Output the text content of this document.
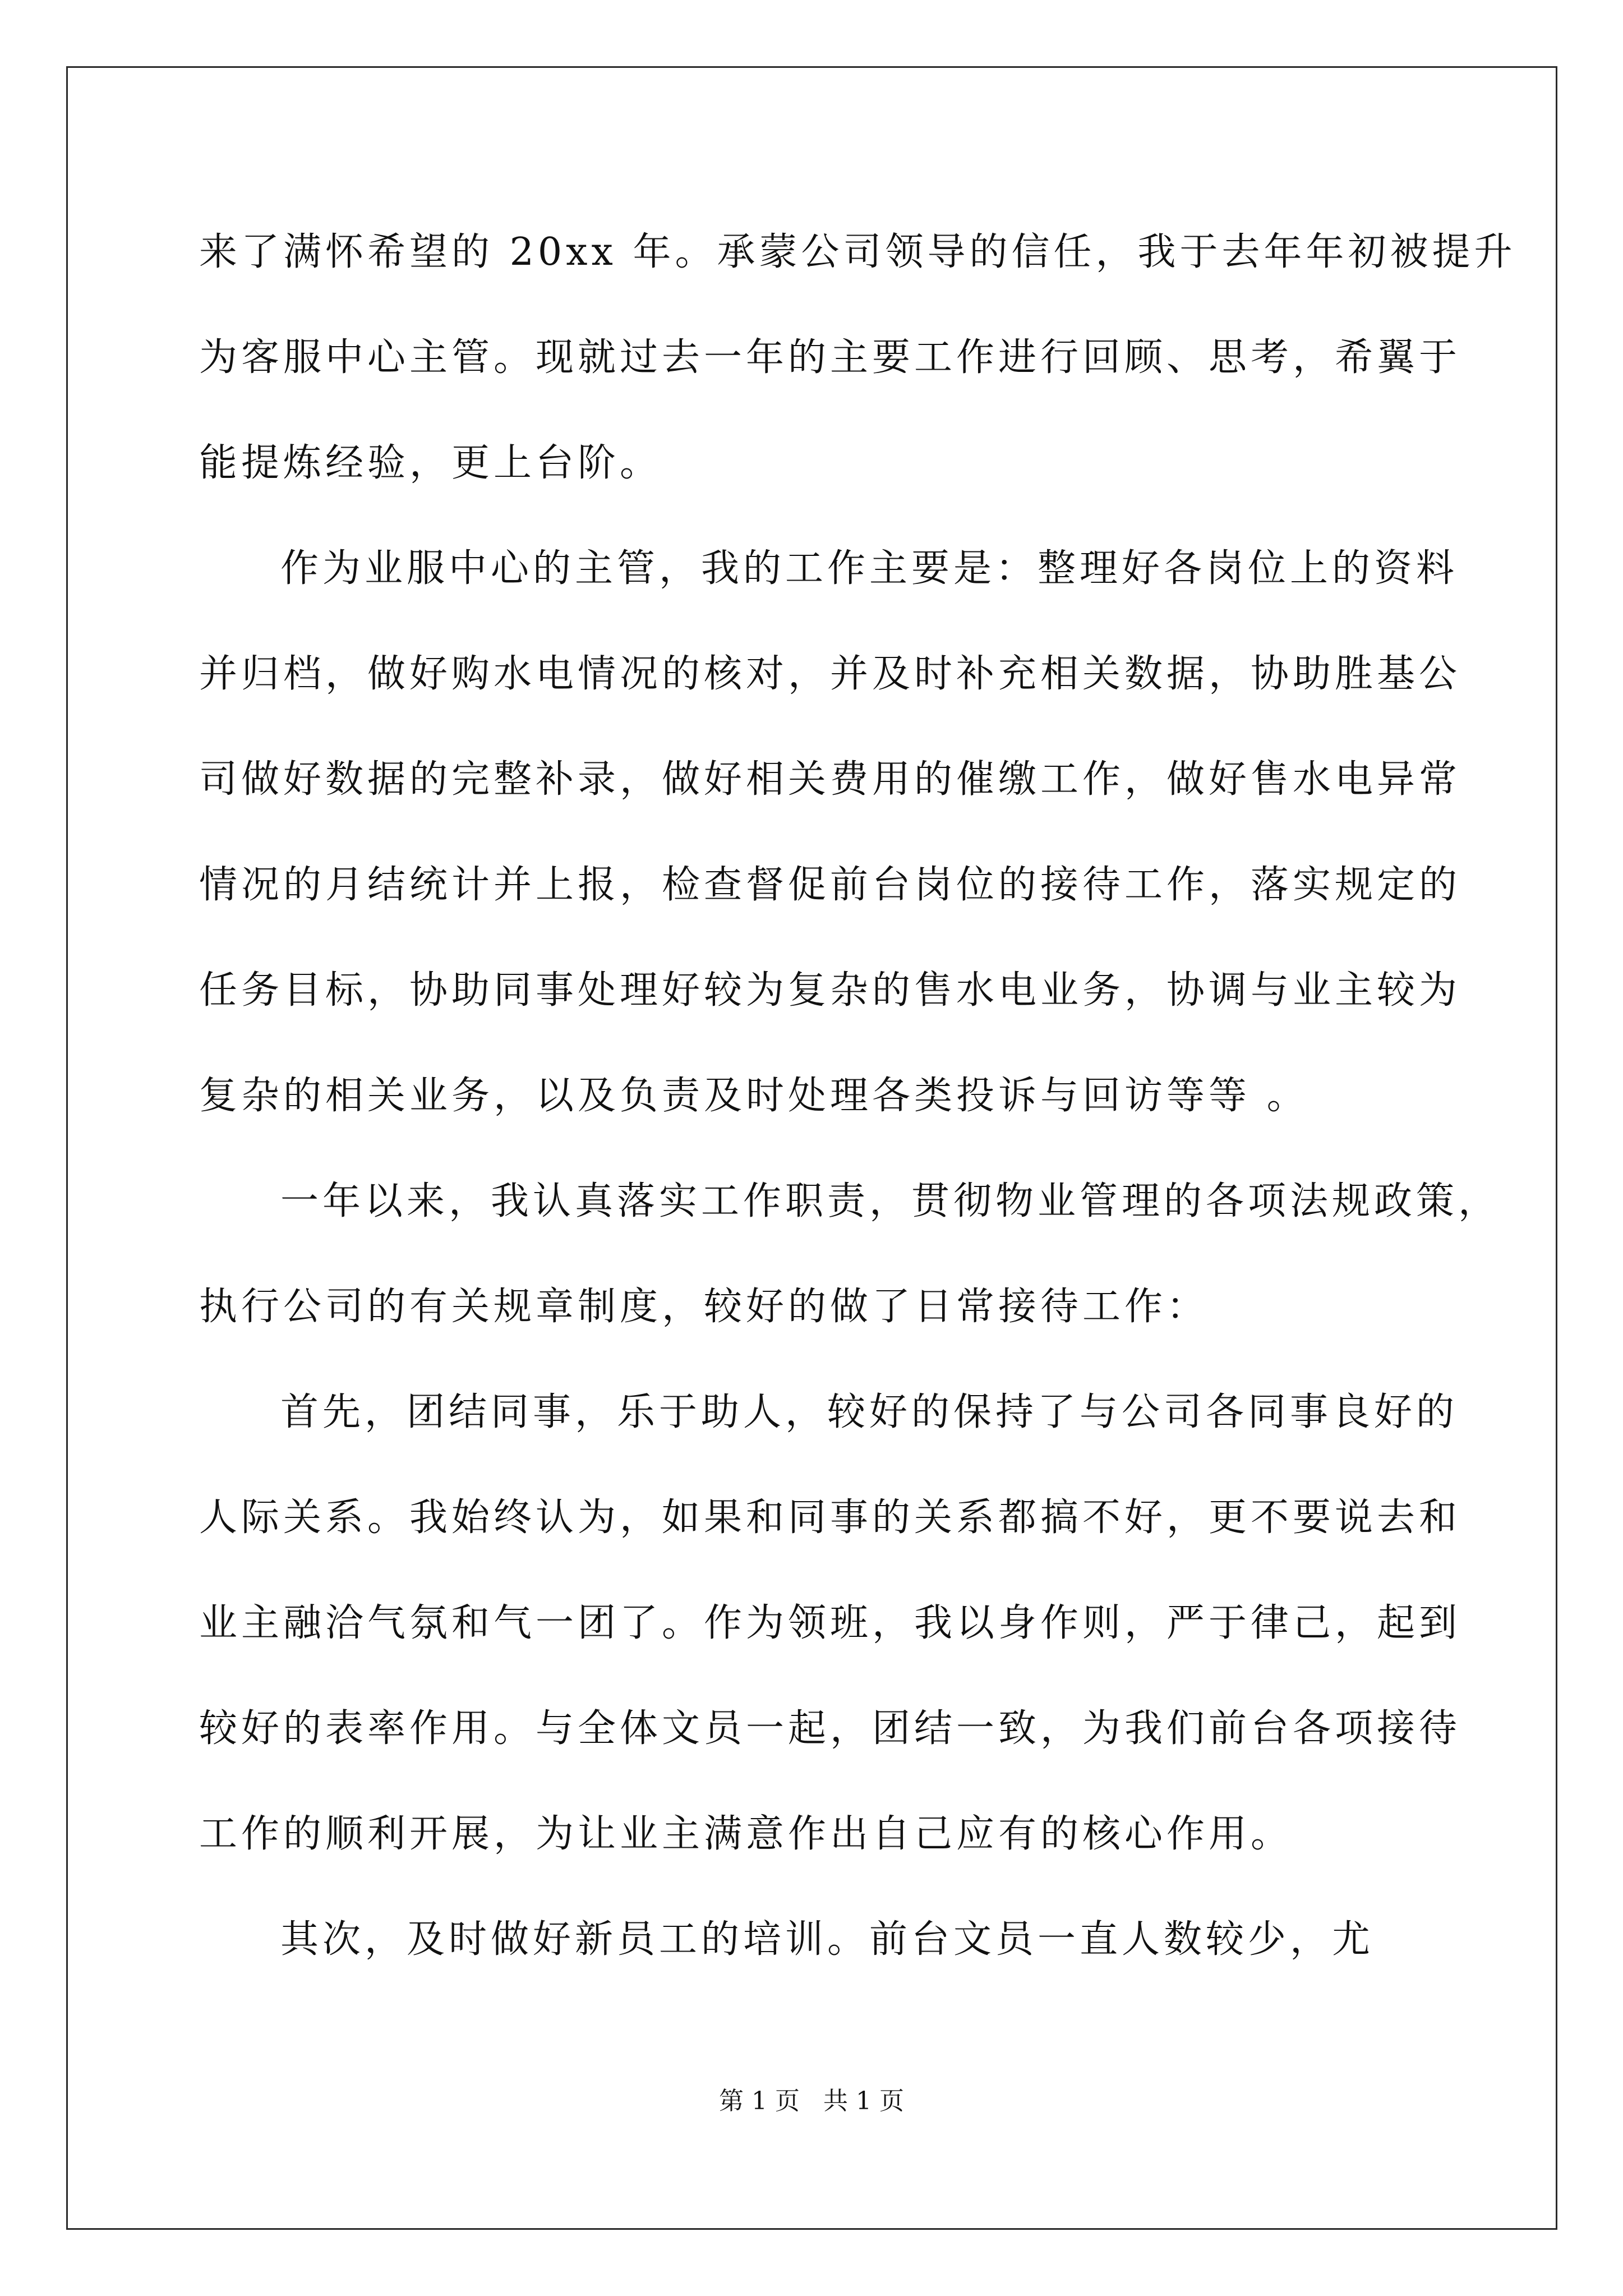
来了满怀希望的 20xx 年。承蒙公司领导的信任，我于去年年初被提升
为客服中心主管。现就过去一年的主要工作进行回顾、思考，希翼于
能提炼经验，更上台阶。
作为业服中心的主管，我的工作主要是：整理好各岗位上的资料
并归档，做好购水电情况的核对，并及时补充相关数据，协助胜基公
司做好数据的完整补录，做好相关费用的催缴工作，做好售水电异常
情况的月结统计并上报，检查督促前台岗位的接待工作，落实规定的
任务目标，协助同事处理好较为复杂的售水电业务，协调与业主较为
复杂的相关业务，以及负责及时处理各类投诉与回访等等 。
一年以来，我认真落实工作职责，贯彻物业管理的各项法规政策，
执行公司的有关规章制度，较好的做了日常接待工作：
首先，团结同事，乐于助人，较好的保持了与公司各同事良好的
人际关系。我始终认为，如果和同事的关系都搞不好，更不要说去和
业主融洽气氛和气一团了。作为领班，我以身作则，严于律己，起到
较好的表率作用。与全体文员一起，团结一致，为我们前台各项接待
工作的顺利开展，为让业主满意作出自己应有的核心作用。
其次，及时做好新员工的培训。前台文员一直人数较少，尤
第 1 页   共 1 页
